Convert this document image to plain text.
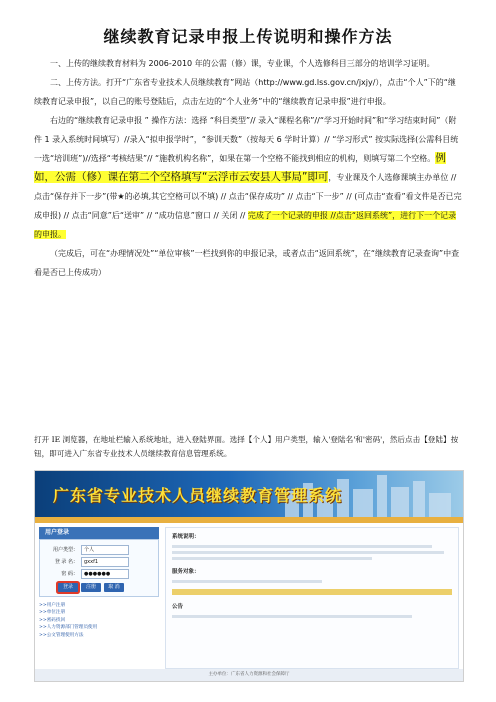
继续教育记录申报上传说明和操作方法

一、上传的继续教育材料为 2006-2010 年的公需（修）课，专业课，个人选修科目三部分的培训学习证明。

二、上传方法。打开“广东省专业技术人员继续教育”网站（http://www.gd.lss.gov.cn/jxjy/），点击“个人”下的“继续教育记录申报”，以自己的账号登陆后，点击左边的“个人业务”中的“继续教育记录申报”进行申报。

右边的“继续教育记录申报 ” 操作方法：选择 “科目类型”// 录入“课程名称”//“学习开始时间”和“学习结束时间”（附件 1 录入系统时间填写）//录入“拟申报学时”，“参训天数”（按每天 6 学时计算）// “学习形式” 按实际选择(公需科目统一选“培训班”)//选择“考核结果”// “施教机构名称”，如果在第一个空格不能找到相应的机构，则填写第二个空格。例如，公需（修）课在第二个空格填写“云浮市云安县人事局”即可，专业课及个人选修课填主办单位 //点击“保存并下一步”(带★的必填,其它空格可以不填) // 点击“保存成功” // 点击“下一步” // (可点击“查看”看文件是否已完成申报) // 点击“同意”后“送审” // “成功信息”窗口 // 关闭 // 完成了一个记录的申报 //点击“返回系统”，进行下一个记录的申报。

（完成后，可在“办理情况处”“单位审核”一栏找到你的申报记录，或者点击“返回系统”，在“继续教育记录查询”中查看是否已上传成功）

打开 IE 浏览器，在地址栏输入系统地址，进入登陆界面。选择【个人】用户类型，输入'登陆名'和'密码'，然后点击【登陆】按钮，即可进入广东省专业技术人员继续教育信息管理系统。

广东省专业技术人员继续教育管理系统
用户登录
用户类型：	个人
登 录 名：	gxxf1
密 码：	●●●●●●
登录	注册	取 消
>>用户注册
>>单位注册
>>密码找回
>>人力资源部门管理员使用
>>公文管理使用方法
系统说明：
服务对象：
公告
主办单位：广东省人力资源和社会保障厅
